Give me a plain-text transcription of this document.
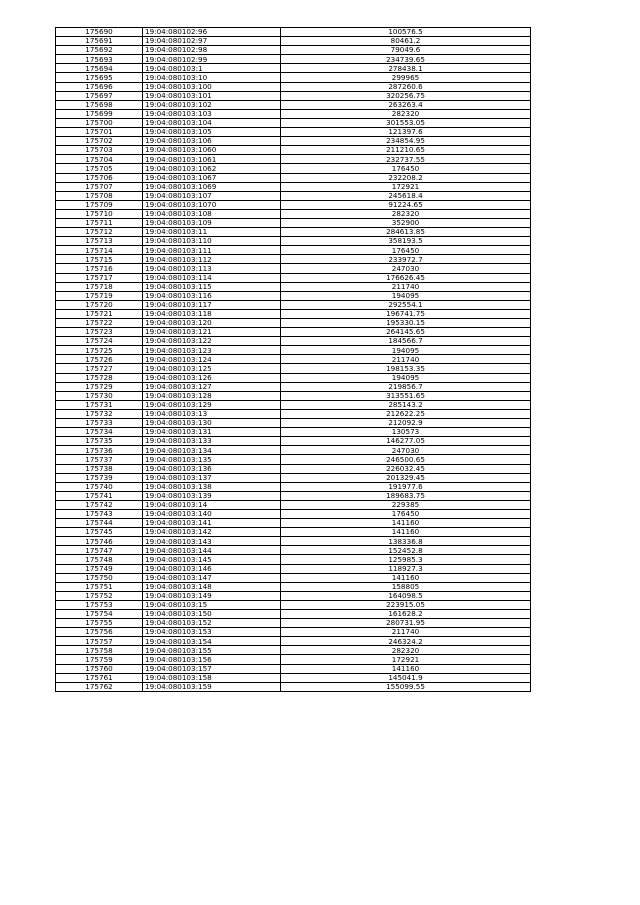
175690	19:04:080102:96	100576.5
175691	19:04:080102:97	80461.2
175692	19:04:080102:98	79049.6
175693	19:04:080102:99	234739.65
175694	19:04:080103:1	278438.1
175695	19:04:080103:10	299965
175696	19:04:080103:100	287260.6
175697	19:04:080103:101	320256.75
175698	19:04:080103:102	263263.4
175699	19:04:080103:103	282320
175700	19:04:080103:104	301553.05
175701	19:04:080103:105	121397.6
175702	19:04:080103:106	234854.95
175703	19:04:080103:1060	211210.65
175704	19:04:080103:1061	232737.55
175705	19:04:080103:1062	176450
175706	19:04:080103:1067	232208.2
175707	19:04:080103:1069	172921
175708	19:04:080103:107	245618.4
175709	19:04:080103:1070	91224.65
175710	19:04:080103:108	282320
175711	19:04:080103:109	352900
175712	19:04:080103:11	284613.85
175713	19:04:080103:110	358193.5
175714	19:04:080103:111	176450
175715	19:04:080103:112	233972.7
175716	19:04:080103:113	247030
175717	19:04:080103:114	176626.45
175718	19:04:080103:115	211740
175719	19:04:080103:116	194095
175720	19:04:080103:117	292554.1
175721	19:04:080103:118	196741.75
175722	19:04:080103:120	195330.15
175723	19:04:080103:121	264145.65
175724	19:04:080103:122	184566.7
175725	19:04:080103:123	194095
175726	19:04:080103:124	211740
175727	19:04:080103:125	198153.35
175728	19:04:080103:126	194095
175729	19:04:080103:127	219856.7
175730	19:04:080103:128	313551.65
175731	19:04:080103:129	285143.2
175732	19:04:080103:13	212622.25
175733	19:04:080103:130	212092.9
175734	19:04:080103:131	130573
175735	19:04:080103:133	146277.05
175736	19:04:080103:134	247030
175737	19:04:080103:135	246500.65
175738	19:04:080103:136	226032.45
175739	19:04:080103:137	201329.45
175740	19:04:080103:138	191977.6
175741	19:04:080103:139	189683.75
175742	19:04:080103:14	229385
175743	19:04:080103:140	176450
175744	19:04:080103:141	141160
175745	19:04:080103:142	141160
175746	19:04:080103:143	138336.8
175747	19:04:080103:144	152452.8
175748	19:04:080103:145	125985.3
175749	19:04:080103:146	118927.3
175750	19:04:080103:147	141160
175751	19:04:080103:148	158805
175752	19:04:080103:149	164098.5
175753	19:04:080103:15	223915.05
175754	19:04:080103:150	161628.2
175755	19:04:080103:152	280731.95
175756	19:04:080103:153	211740
175757	19:04:080103:154	246324.2
175758	19:04:080103:155	282320
175759	19:04:080103:156	172921
175760	19:04:080103:157	141160
175761	19:04:080103:158	145041.9
175762	19:04:080103:159	155099.55
